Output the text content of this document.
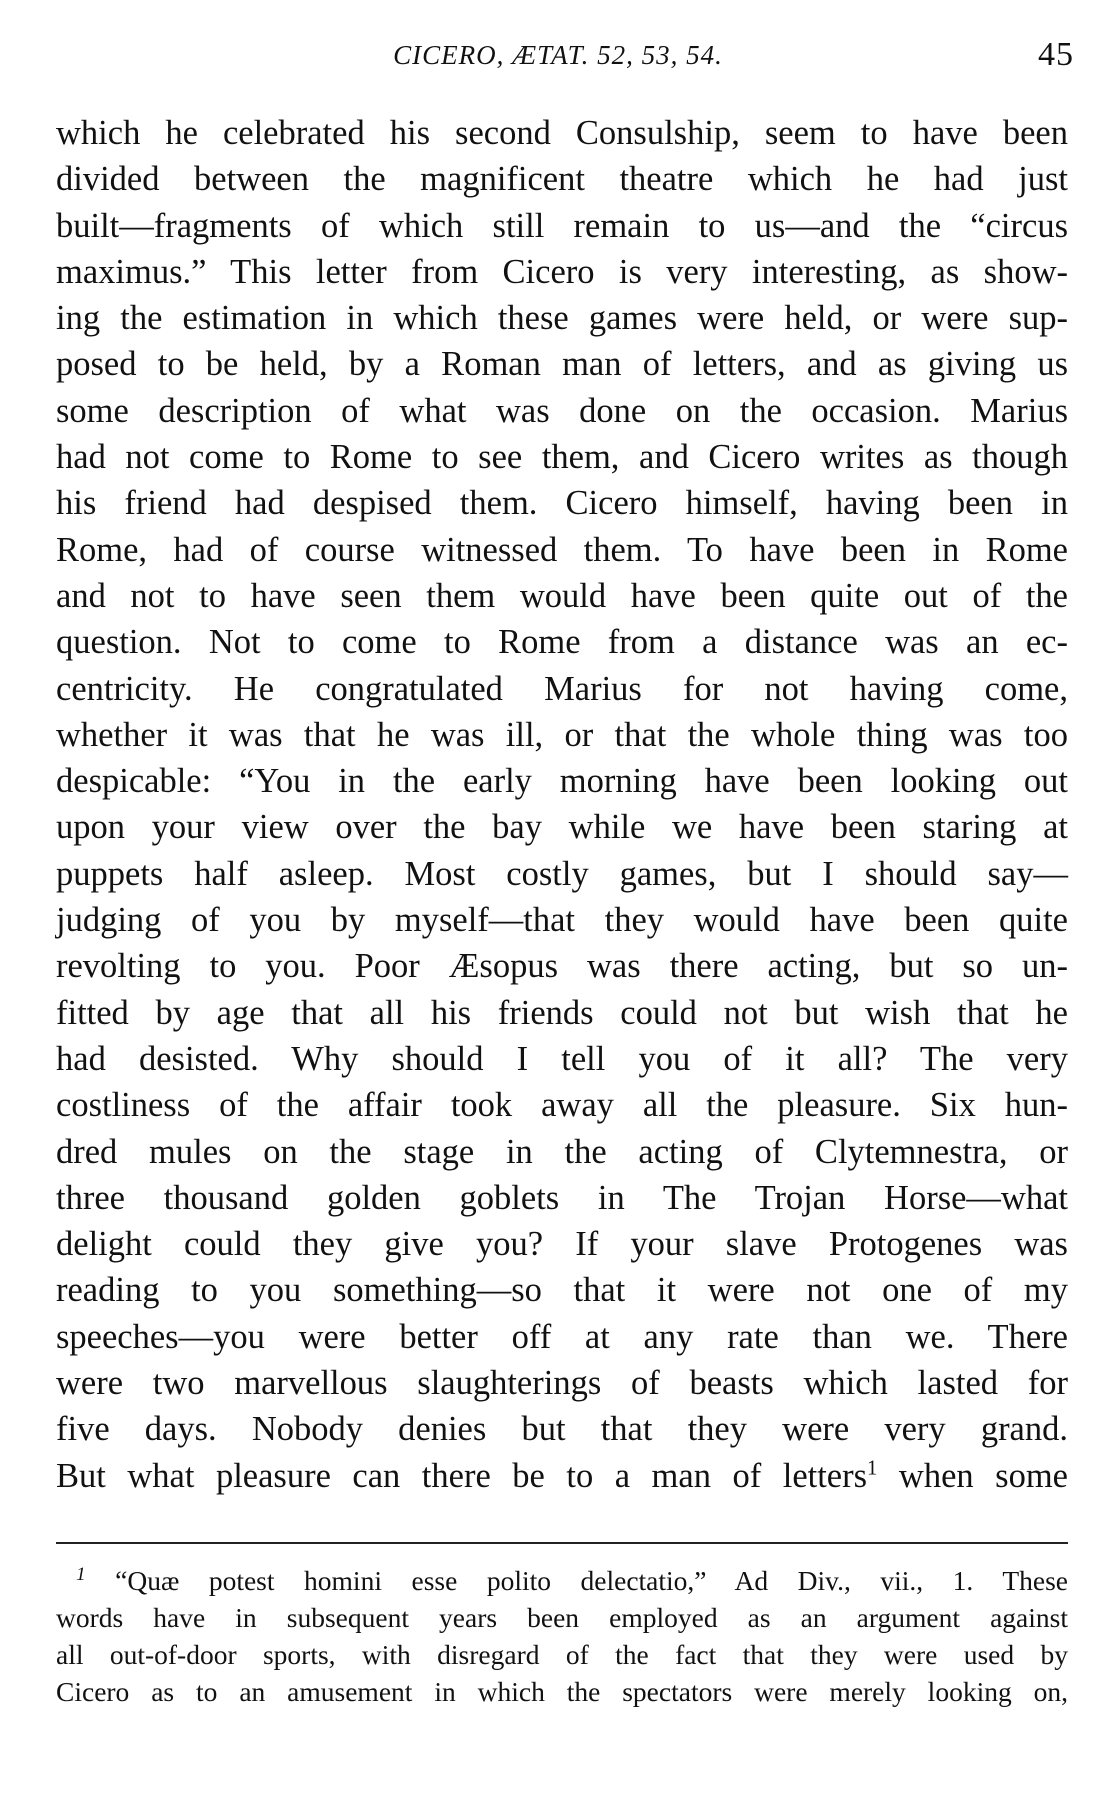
CICERO, ÆTAT. 52, 53, 54.	45
which he celebrated his second Consulship, seem to have been
divided between the magnificent theatre which he had just
built—fragments of which still remain to us—and the “circus
maximus.” This letter from Cicero is very interesting, as show-
ing the estimation in which these games were held, or were sup-
posed to be held, by a Roman man of letters, and as giving us
some description of what was done on the occasion. Marius
had not come to Rome to see them, and Cicero writes as though
his friend had despised them. Cicero himself, having been in
Rome, had of course witnessed them. To have been in Rome
and not to have seen them would have been quite out of the
question. Not to come to Rome from a distance was an ec-
centricity. He congratulated Marius for not having come,
whether it was that he was ill, or that the whole thing was too
despicable: “You in the early morning have been looking out
upon your view over the bay while we have been staring at
puppets half asleep. Most costly games, but I should say—
judging of you by myself—that they would have been quite
revolting to you. Poor Æsopus was there acting, but so un-
fitted by age that all his friends could not but wish that he
had desisted. Why should I tell you of it all? The very
costliness of the affair took away all the pleasure. Six hun-
dred mules on the stage in the acting of Clytemnestra, or
three thousand golden goblets in The Trojan Horse—what
delight could they give you? If your slave Protogenes was
reading to you something—so that it were not one of my
speeches—you were better off at any rate than we. There
were two marvellous slaughterings of beasts which lasted for
five days. Nobody denies but that they were very grand.
But what pleasure can there be to a man of letters$^1$ when some
$^1$ “Quæ potest homini esse polito delectatio,” Ad Div., vii., 1. These
words have in subsequent years been employed as an argument against
all out-of-door sports, with disregard of the fact that they were used by
Cicero as to an amusement in which the spectators were merely looking on,
